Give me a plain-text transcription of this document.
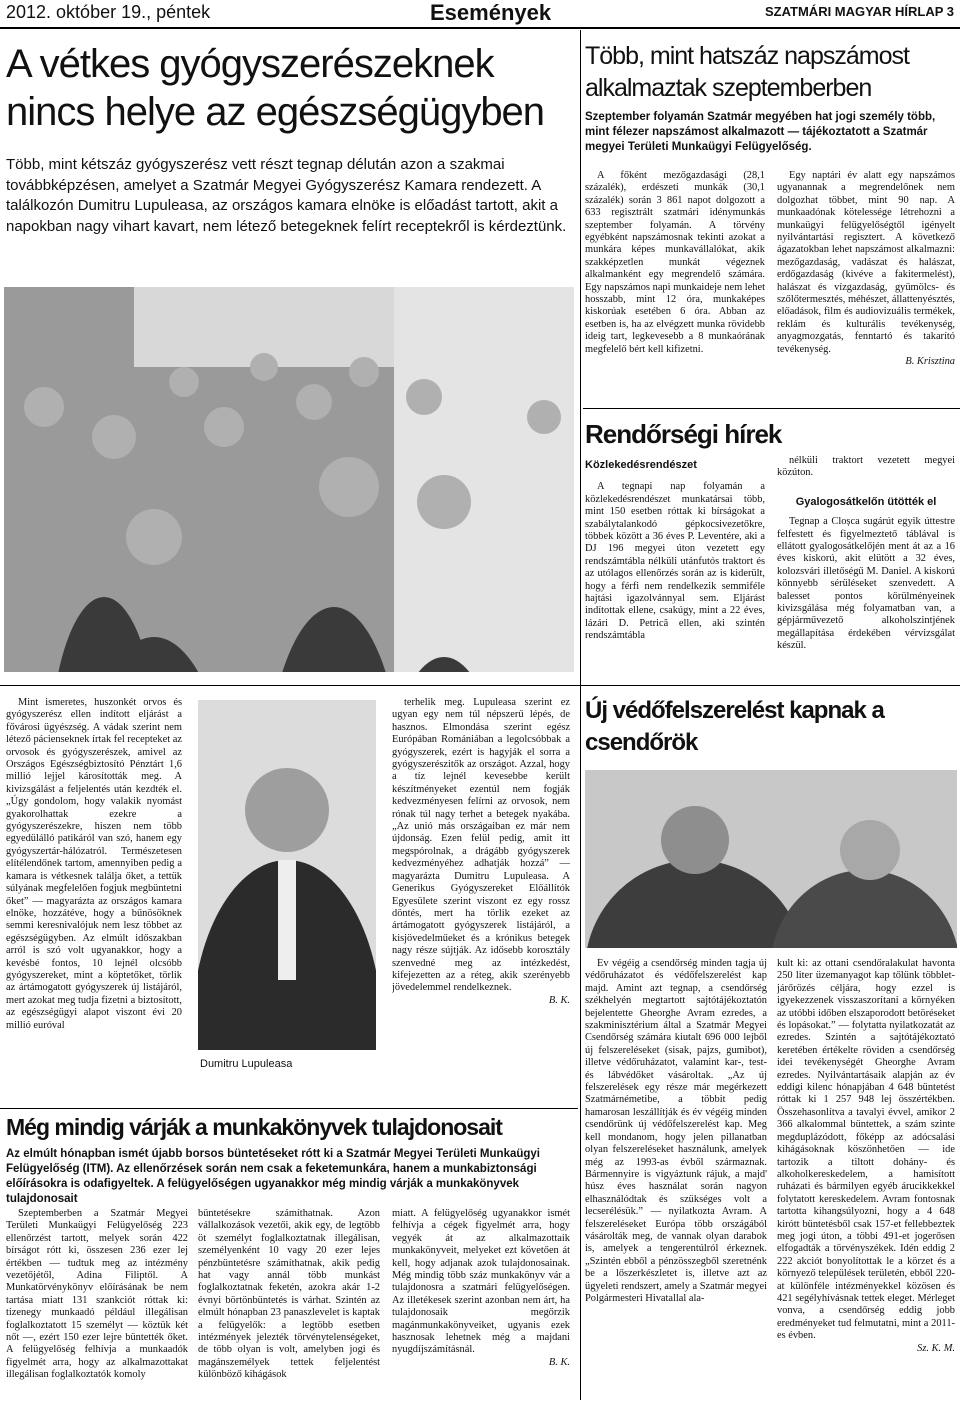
2012. október 19., péntek	Események	SZATMÁRI MAGYAR HÍRLAP 3
A vétkes gyógyszerészeknek nincs helye az egészségügyben
Több, mint kétszáz gyógyszerész vett részt tegnap délután azon a szakmai továbbképzésen, amelyet a Szatmár Megyei Gyógyszerész Kamara rendezett. A találkozón Dumitru Lupuleasa, az országos kamara elnöke is előadást tartott, akit a napokban nagy vihart kavart, nem létező betegeknek felírt receptekről is kérdeztünk.

Mint ismeretes, huszonkét orvos és gyógyszerész ellen indított eljárást a fővárosi ügyészség. A vádak szerint nem létező pácienseknek írtak fel recepteket az orvosok és gyógyszerészek, amivel az Országos Egészségbiztosító Pénztárt 1,6 millió lejjel károsították meg. A kivizsgálást a feljelentés után kezdték el. „Úgy gondolom, hogy valakik nyomást gyakorolhattak ezekre a gyógyszerészekre, hiszen nem több egyedülálló patikáról van szó, hanem egy gyógyszertár-hálózatról. Természetesen elítélendőnek tartom, amennyiben pedig a kamara is vétkesnek találja őket, a tettük súlyának megfelelően fogjuk megbüntetni őket” — magyarázta az országos kamara elnöke, hozzátéve, hogy a bűnösöknek semmi keresnivalójuk nem lesz többet az egészségügyben. Az elmúlt időszakban arról is szó volt ugyanakkor, hogy a kevésbé fontos, 10 lejnél olcsóbb gyógyszereket, mint a köptetőket, törlik az ártámogatott gyógyszerek új listájáról, mert azokat meg tudja fizetni a biztosított, az egészségügyi alapot viszont évi 20 millió euróval

Dumitru Lupuleasa

terhelik meg. Lupuleasa szerint ez ugyan egy nem túl népszerű lépés, de hasznos. Elmondása szerint egész Európában Romániában a legolcsóbbak a gyógyszerek, ezért is hagyják el sorra a gyógyszerészitők az országot. Azzal, hogy a tíz lejnél kevesebbe került készítményeket ezentúl nem fogják kedvezményesen felírni az orvosok, nem rónak túl nagy terhet a betegek nyakába. „Az unió más országaiban ez már nem újdonság. Ezen felül pedig, amit itt megspórolnak, a drágább gyógyszerek kedvezményéhez adhatják hozzá” — magyarázta Dumitru Lupuleasa. A Generikus Gyógyszereket Előállítók Egyesülete szerint viszont ez egy rossz döntés, mert ha törlik ezeket az ártámogatott gyógyszerek listájáról, a kisjövedelműeket és a krónikus betegek nagy része sújtják. Az idősebb korosztály szenvedné meg az intézkedést, kifejezetten az a réteg, akik szerényebb jövedelemmel rendelkeznek.

B. K.
Több, mint hatszáz napszámost alkalmaztak szeptemberben
Szeptember folyamán Szatmár megyében hat jogi személy több, mint félezer napszámost alkalmazott — tájékoztatott a Szatmár megyei Területi Munkaügyi Felügyelőség.

A főként mezőgazdasági (28,1 százalék), erdészeti munkák (30,1 százalék) során 3 861 napot dolgozott a 633 regisztrált szatmári idénymunkás szeptember folyamán. A törvény egyébként napszámosnak tekinti azokat a munkára képes munkavállalókat, akik szakképzetlen munkát végeznek alkalmanként egy megrendelő számára. Egy napszámos napi munkaideje nem lehet hosszabb, mint 12 óra, munkaképes kiskorúak esetében 6 óra. Abban az esetben is, ha az elvégzett munka rövidebb ideig tart, legkevesebb a 8 munkaórának megfelelő bért kell kifizetni.

Egy naptári év alatt egy napszámos ugyanannak a megrendelőnek nem dolgozhat többet, mint 90 nap. A munkaadónak kötelessége létrehozni a munkaügyi felügyelőségtől igényelt nyilvántartási regisztert. A következő ágazatokban lehet napszámost alkalmazni: mezőgazdaság, vadászat és halászat, erdőgazdaság (kivéve a fakitermelést), halászat és vízgazdaság, gyümölcs- és szőlőtermesztés, méhészet, állattenyésztés, előadások, film és audiovizuális termékek, reklám és kulturális tevékenység, anyagmozgatás, fenntartó és takarító tevékenység.

B. Krisztina
Rendőrségi hírek
Közlekedésrendészet

A tegnapi nap folyamán a közlekedésrendészet munkatársai több, mint 150 esetben róttak ki bírságokat a szabálytalankodó gépkocsivezetőkre, többek között a 36 éves P. Leventére, aki a DJ 196 megyei úton vezetett egy rendszámtábla nélküli utánfutós traktort és az utólagos ellenőrzés során az is kiderült, hogy a férfi nem rendelkezik semmiféle hajtási igazolvánnyal sem. Eljárást indítottak ellene, csakúgy, mint a 22 éves, lázári D. Petrică ellen, aki szintén rendszámtábla

nélküli traktort vezetett megyei közúton.

Gyalogosátkelőn ütötték el

Tegnap a Cloșca sugárút egyik úttestre felfestett és figyelmeztető táblával is ellátott gyalogosátkelőjén ment át az a 16 éves kiskorú, akit elütött a 32 éves, kolozsvári illetőségű M. Daniel. A kiskorú könnyebb sérüléseket szenvedett. A balesset pontos körülményeinek kivizsgálása még folyamatban van, a gépjárművezető alkoholszintjének megállapítása érdekében vérvizsgálat készül.

Új védőfelszerelést kapnak a csendőrök

Év végéig a csendőrség minden tagja új védőruházatot és védőfelszerelést kap majd. Amint azt tegnap, a csendőrség székhelyén megtartott sajtótájékoztatón bejelentette Gheorghe Avram ezredes, a szakminisztérium által a Szatmár Megyei Csendőrség számára kiutalt 696 000 lejből új felszereléseket (sisak, pajzs, gumibot), illetve védőruházatot, valamint kar-, test- és lábvédőket vásároltak. „Az új felszerelések egy része már megérkezett Szatmárnémetibe, a többit pedig hamarosan leszállítják és év végéig minden csendőrünk új védőfelszerelést kap. Meg kell mondanom, hogy jelen pillanatban olyan felszereléseket használunk, amelyek még az 1993-as évből származnak. Bármennyire is vigyáztunk rájuk, a majd' húsz éves használat során nagyon elhasználódtak és szükséges volt a lecserélésük.” — nyilatkozta Avram. A felszereléseket Európa több országából vásárolták meg, de vannak olyan darabok is, amelyek a tengerentúlról érkeznek. „Szintén ebből a pénzösszegből szeretnénk be a lőszerkészletet is, illetve azt az ügyeleti rendszert, amely a Szatmár megyei Polgármesteri Hivatallal ala-

kult ki: az ottani csendőralakulat havonta 250 liter üzemanyagot kap tőlünk többlet-járőrözés céljára, hogy ezzel is igyekezzenek visszaszorítani a környéken az utóbbi időben elszaporodott betöréseket és lopásokat.” — folytatta nyilatkozatát az ezredes. Szintén a sajtótájékoztató keretében értékelte röviden a csendőrség idei tevékenységét Gheorghe Avram ezredes. Nyilvántartásaik alapján az év eddigi kilenc hónapjában 4 648 büntetést róttak ki 1 257 948 lej összértékben. Összehasonlítva a tavalyi évvel, amikor 2 366 alkalommal büntettek, a szám szinte megduplázódott, főképp az adócsalási kihágásoknak köszönhetően — ide tartozik a tiltott dohány- és alkoholkereskedelem, a hamisított ruházati és bármilyen egyéb árucikkekkel folytatott kereskedelem. Avram fontosnak tartotta kihangsúlyozni, hogy a 4 648 kirótt büntetésből csak 157-et fellebbeztek meg jogi úton, a többi 491-et jogerősen elfogadták a törvényszékek. Idén eddig 2 222 akciót bonyolítottak le a körzet és a környező települések területén, ebből 220-at különféle intézményekkel közösen és 421 segélyhívásnak tettek eleget. Mérleget vonva, a csendőrség eddig jobb eredményeket tud felmutatni, mint a 2011-es évben.

Sz. K. M.
Még mindig várják a munkakönyvek tulajdonosait
Az elmúlt hónapban ismét újabb borsos büntetéseket rótt ki a Szatmár Megyei Területi Munkaügyi Felügyelőség (ITM). Az ellenőrzések során nem csak a feketemunkára, hanem a munkabiztonsági előírásokra is odafigyeltek. A felügyelőségen ugyanakkor még mindig várják a munkakönyvek tulajdonosait

Szeptemberben a Szatmár Megyei Területi Munkaügyi Felügyelőség 223 ellenőrzést tartott, melyek során 422 bírságot rótt ki, összesen 236 ezer lej értékben — tudtuk meg az intézmény vezetőjétől, Adina Filiptől. A Munkatörvénykönyv előírásának be nem tartása miatt 131 szankciót róttak ki: tizenegy munkaadó például illegálisan foglalkoztatott 15 személyt — köztük két nőt —, ezért 150 ezer lejre büntették őket. A felügyelőség felhívja a munkaadók figyelmét arra, hogy az alkalmazottakat illegálisan foglalkoztatók komoly

büntetésekre számíthatnak. Azon vállalkozások vezetői, akik egy, de legtöbb öt személyt foglalkoztatnak illegálisan, személyenként 10 vagy 20 ezer lejes pénzbüntetésre számíthatnak, akik pedig hat vagy annál több munkást foglalkoztatnak feketén, azokra akár 1-2 évnyi börtönbüntetés is várhat. Szintén az elmúlt hónapban 23 panaszlevelet is kaptak a felügyelők: a legtöbb esetben intézmények jelezték törvénytelenségeket, de több olyan is volt, amelyben jogi és magánszemélyek tettek feljelentést különböző kihágások

miatt. A felügyelőség ugyanakkor ismét felhívja a cégek figyelmét arra, hogy vegyék át az alkalmazottaik munkakönyveit, melyeket ezt követően át kell, hogy adjanak azok tulajdonosainak. Még mindig több száz munkakönyv vár a tulajdonosra a szatmári felügyelőségen. Az illetékesek szerint azonban nem árt, ha tulajdonosaik megőrzik magánmunkakönyveiket, ugyanis ezek hasznosak lehetnek még a majdani nyugdíjszámításnál.

B. K.
